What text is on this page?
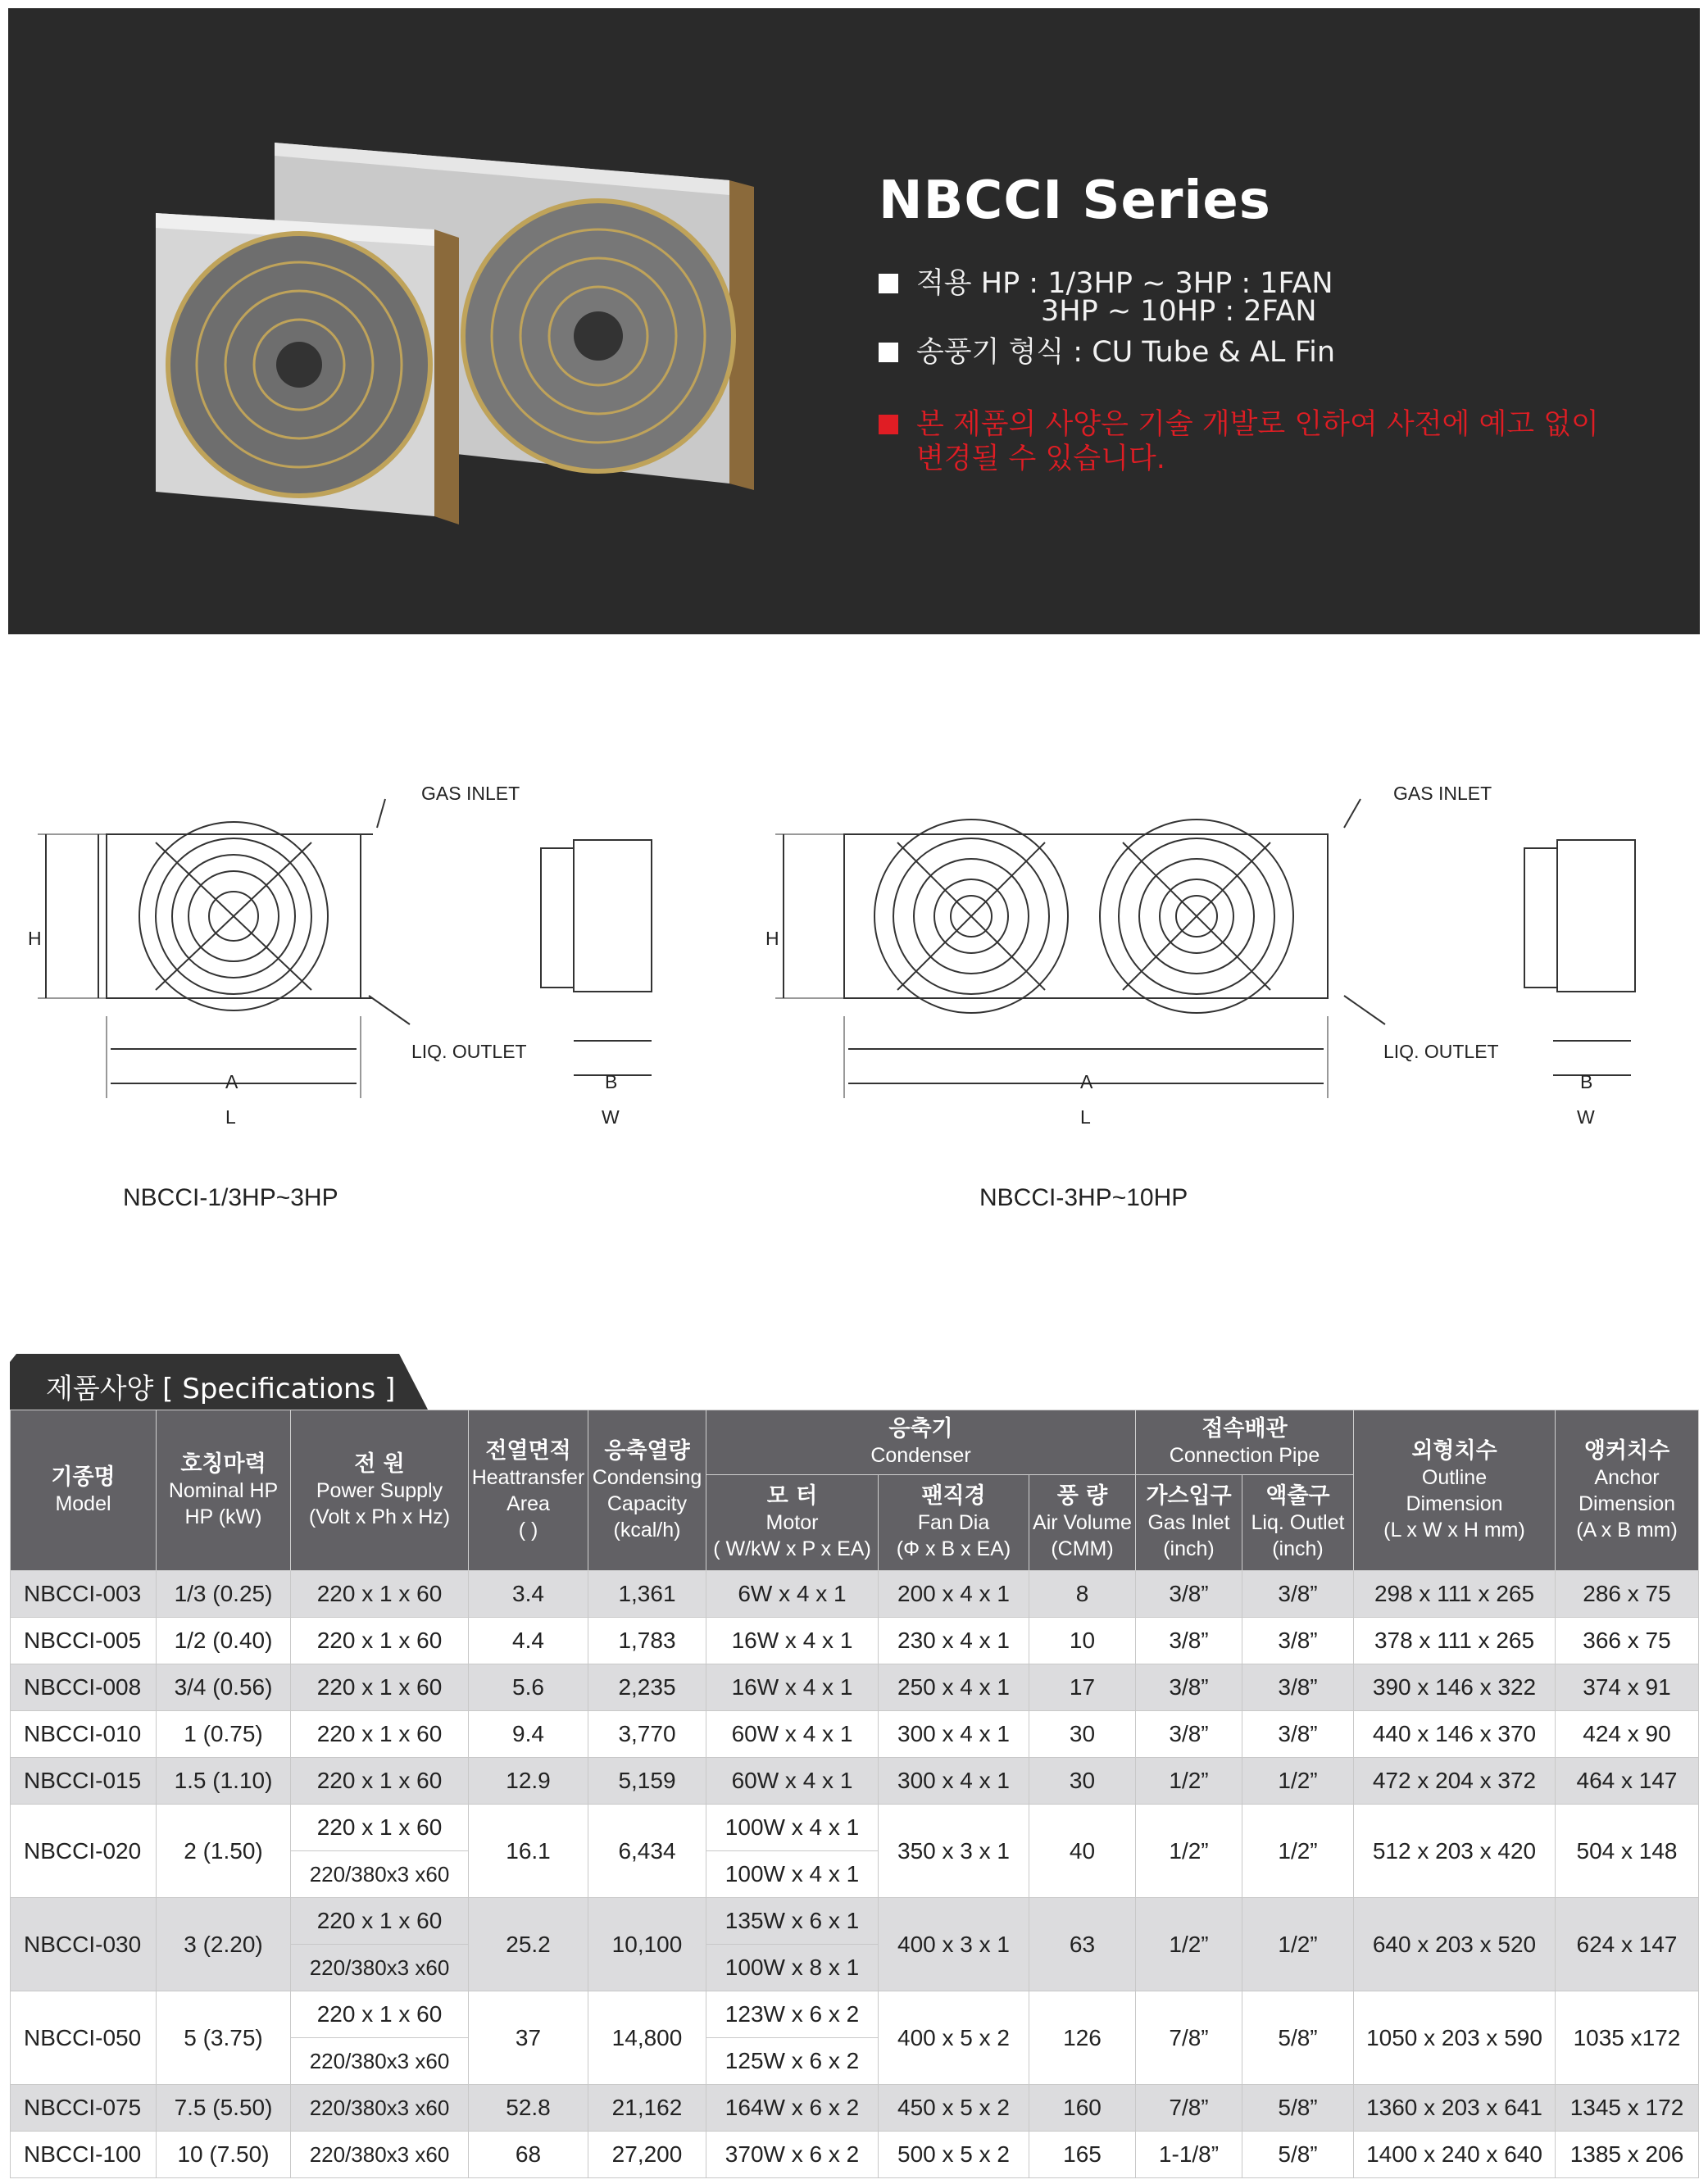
NBCCI Series
적용 HP : 1/3HP ~ 3HP : 1FAN
3HP ~ 10HP : 2FAN
송풍기 형식 : CU Tube & AL Fin
본 제품의 사양은 기술 개발로 인하여 사전에 예고 없이
변경될 수 있습니다.
GAS INLET
LIQ. OUTLET
H
A
L
B
W
GAS INLET
LIQ. OUTLET
H
A
L
B
W
NBCCI-1/3HP~3HP	NBCCI-3HP~10HP
제품사양 [ Specifications ]
기종명
Model	호칭마력
Nominal HP
HP (kW)	전 원
Power Supply
(Volt x Ph x Hz)	전열면적
Heattransfer
Area
( )	응축열량
Condensing
Capacity
(kcal/h)	응축기
Condenser			접속배관
Connection Pipe		외형치수
Outline
Dimension
(L x W x H mm)	앵커치수
Anchor
Dimension
(A x B mm)

					모 터
Motor
( W/kW x P x EA)	팬직경
Fan Dia
(Φ x B x EA)	풍 량
Air Volume
(CMM)	가스입구
Gas Inlet
(inch)	액출구
Liq. Outlet
(inch)		
NBCCI-003	1/3 (0.25)	220 x 1 x 60	3.4	1,361	6W x 4 x 1	200 x 4 x 1	8	3/8”	3/8”	298 x 111 x 265	286 x 75
NBCCI-005	1/2 (0.40)	220 x 1 x 60	4.4	1,783	16W x 4 x 1	230 x 4 x 1	10	3/8”	3/8”	378 x 111 x 265	366 x 75
NBCCI-008	3/4 (0.56)	220 x 1 x 60	5.6	2,235	16W x 4 x 1	250 x 4 x 1	17	3/8”	3/8”	390 x 146 x 322	374 x 91
NBCCI-010	1 (0.75)	220 x 1 x 60	9.4	3,770	60W x 4 x 1	300 x 4 x 1	30	3/8”	3/8”	440 x 146 x 370	424 x 90
NBCCI-015	1.5 (1.10)	220 x 1 x 60	12.9	5,159	60W x 4 x 1	300 x 4 x 1	30	1/2”	1/2”	472 x 204 x 372	464 x 147
NBCCI-020	2 (1.50)	220 x 1 x 60	16.1	6,434	100W x 4 x 1	350 x 3 x 1	40	1/2”	1/2”	512 x 203 x 420	504 x 148
		220/380x3 x60			100W x 4 x 1						
NBCCI-030	3 (2.20)	220 x 1 x 60	25.2	10,100	135W x 6 x 1	400 x 3 x 1	63	1/2”	1/2”	640 x 203 x 520	624 x 147
		220/380x3 x60			100W x 8 x 1						
NBCCI-050	5 (3.75)	220 x 1 x 60	37	14,800	123W x 6 x 2	400 x 5 x 2	126	7/8”	5/8”	1050 x 203 x 590	1035 x172
		220/380x3 x60			125W x 6 x 2						
NBCCI-075	7.5 (5.50)	220/380x3 x60	52.8	21,162	164W x 6 x 2	450 x 5 x 2	160	7/8”	5/8”	1360 x 203 x 641	1345 x 172
NBCCI-100	10 (7.50)	220/380x3 x60	68	27,200	370W x 6 x 2	500 x 5 x 2	165	1-1/8”	5/8”	1400 x 240 x 640	1385 x 206
